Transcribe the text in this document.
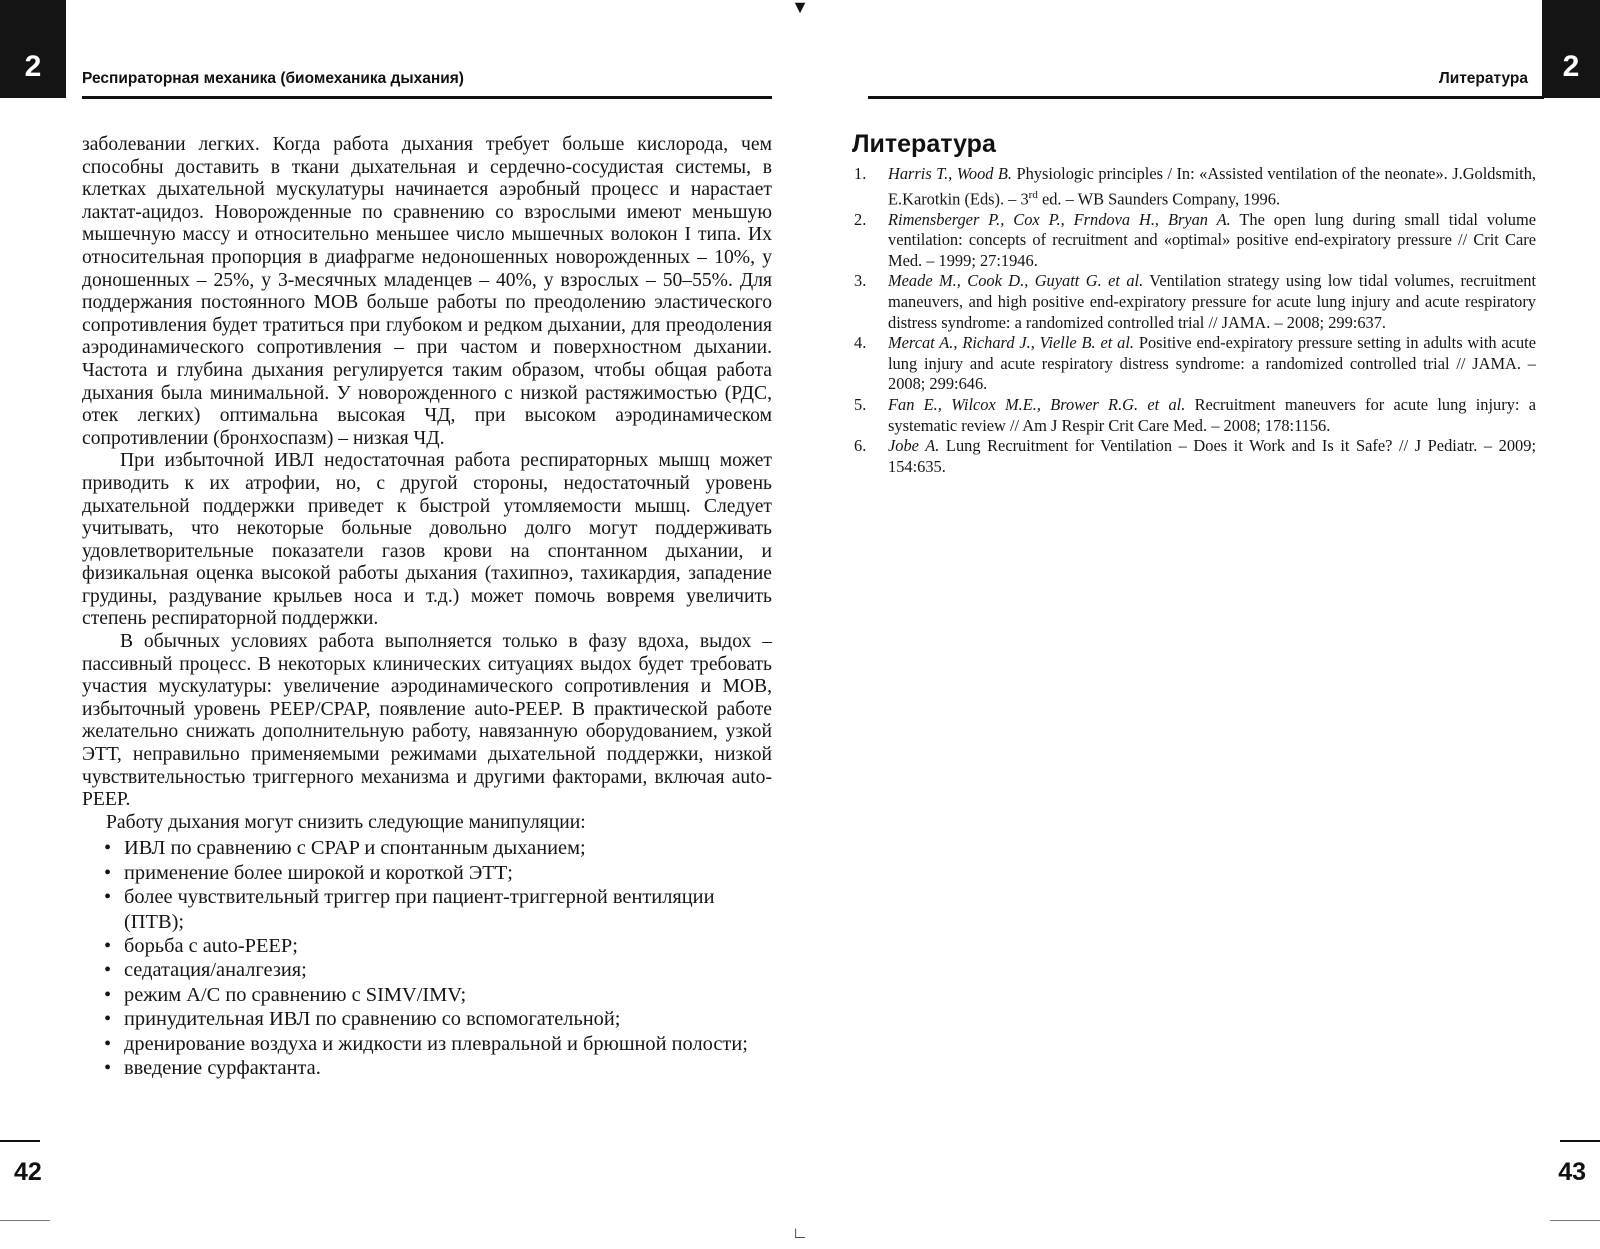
2	Респираторная механика (биомеханика дыхания)

заболевании легких. Когда работа дыхания требует больше кислорода, чем способны доставить в ткани дыхательная и сердечно-сосудистая системы, в клетках дыхательной мускулатуры начинается аэробный процесс и нарастает лактат-ацидоз. Новорожденные по сравнению со взрослыми имеют меньшую мышечную массу и относительно меньшее число мышечных волокон I типа. Их относительная пропорция в диафрагме недоношенных новорожденных – 10%, у доношенных – 25%, у 3-месячных младенцев – 40%, у взрослых – 50–55%. Для поддержания постоянного МОВ больше работы по преодолению эластического сопротивления будет тратиться при глубоком и редком дыхании, для преодоления аэродинамического сопротивления – при частом и поверхностном дыхании. Частота и глубина дыхания регулируется таким образом, чтобы общая работа дыхания была минимальной. У новорожденного с низкой растяжимостью (РДС, отек легких) оптимальна высокая ЧД, при высоком аэродинамическом сопротивлении (бронхоспазм) – низкая ЧД.

При избыточной ИВЛ недостаточная работа респираторных мышц может приводить к их атрофии, но, с другой стороны, недостаточный уровень дыхательной поддержки приведет к быстрой утомляемости мышц. Следует учитывать, что некоторые больные довольно долго могут поддерживать удовлетворительные показатели газов крови на спонтанном дыхании, и физикальная оценка высокой работы дыхания (тахипноэ, тахикардия, западение грудины, раздувание крыльев носа и т.д.) может помочь вовремя увеличить степень респираторной поддержки.

В обычных условиях работа выполняется только в фазу вдоха, выдох – пассивный процесс. В некоторых клинических ситуациях выдох будет требовать участия мускулатуры: увеличение аэродинамического сопротивления и МОВ, избыточный уровень PEEP/CPAP, появление auto-PEEP. В практической работе желательно снижать дополнительную работу, навязанную оборудованием, узкой ЭТТ, неправильно применяемыми режимами дыхательной поддержки, низкой чувствительностью триггерного механизма и другими факторами, включая auto-PEEP.

Работу дыхания могут снизить следующие манипуляции:

• ИВЛ по сравнению с CPAP и спонтанным дыханием;
• применение более широкой и короткой ЭТТ;
• более чувствительный триггер при пациент-триггерной вентиляции (ПТВ);
• борьба с auto-PEEP;
• седатация/аналгезия;
• режим A/C по сравнению с SIMV/IMV;
• принудительная ИВЛ по сравнению со вспомогательной;
• дренирование воздуха и жидкости из плевральной и брюшной полости;
• введение сурфактанта.
42
▼
∟
Литература	2
43
Литература
1. Harris T., Wood B. Physiologic principles / In: «Assisted ventilation of the neonate». J.Goldsmith, E.Karotkin (Eds). – 3rd ed. – WB Saunders Company, 1996.
2. Rimensberger P., Cox P., Frndova H., Bryan A. The open lung during small tidal volume ventilation: concepts of recruitment and «optimal» positive end-expiratory pressure // Crit Care Med. – 1999; 27:1946.
3. Meade M., Cook D., Guyatt G. et al. Ventilation strategy using low tidal volumes, recruitment maneuvers, and high positive end-expiratory pressure for acute lung injury and acute respiratory distress syndrome: a randomized controlled trial // JAMA. – 2008; 299:637.
4. Mercat A., Richard J., Vielle B. et al. Positive end-expiratory pressure setting in adults with acute lung injury and acute respiratory distress syndrome: a randomized controlled trial // JAMA. – 2008; 299:646.
5. Fan E., Wilcox M.E., Brower R.G. et al. Recruitment maneuvers for acute lung injury: a systematic review // Am J Respir Crit Care Med. – 2008; 178:1156.
6. Jobe A. Lung Recruitment for Ventilation – Does it Work and Is it Safe? // J Pediatr. – 2009; 154:635.
